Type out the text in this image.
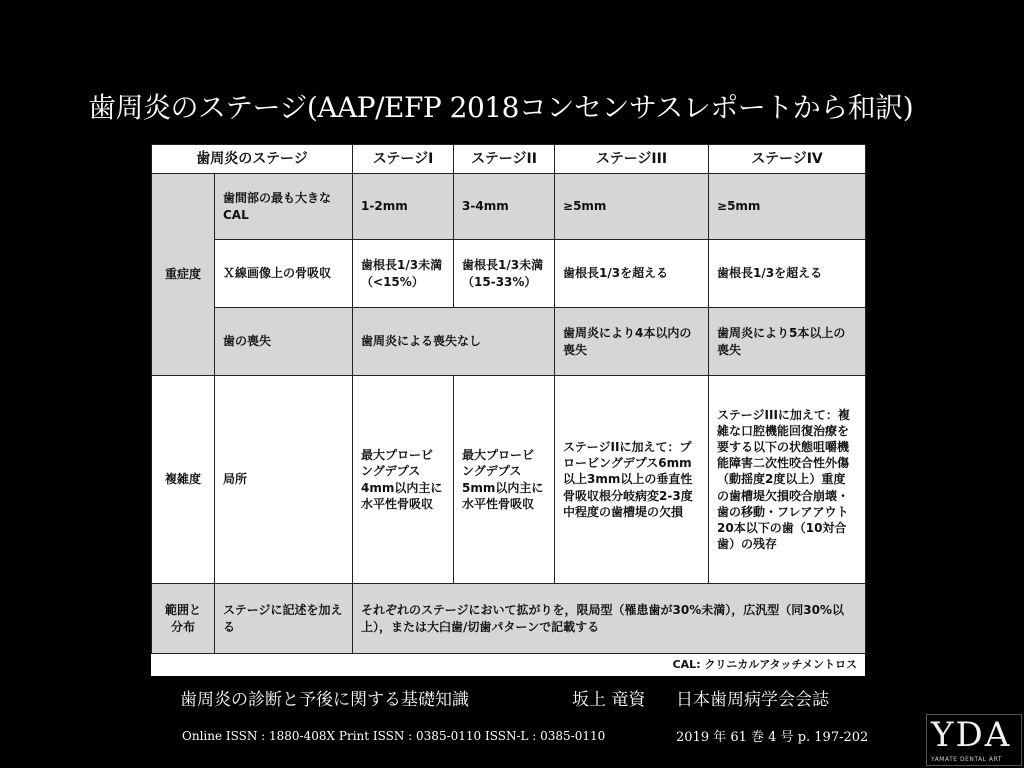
歯周炎のステージ(AAP/EFP 2018コンセンサスレポートから和訳)
歯周炎のステージ		ステージI	ステージII	ステージIII	ステージIV
重症度	歯間部の最も大きなCAL	1-2mm	3-4mm	≥5mm	≥5mm
	Ｘ線画像上の骨吸収	歯根長1/3未満（<15%）	歯根長1/3未満（15-33%）	歯根長1/3を超える	歯根長1/3を超える
	歯の喪失	歯周炎による喪失なし		歯周炎により4本以内の喪失	歯周炎により5本以上の喪失
複雑度	局所	最大プロービングデプス4mm以内主に水平性骨吸収	最大プロービングデプス5mm以内主に水平性骨吸収	ステージIIに加えて：プロービングデプス6mm以上3mm以上の垂直性骨吸収根分岐病変2-3度中程度の歯槽堤の欠損	ステージIIIに加えて：複雑な口腔機能回復治療を要する以下の状態咀嚼機能障害二次性咬合性外傷（動揺度2度以上）重度の歯槽堤欠損咬合崩壊・歯の移動・フレアアウト20本以下の歯（10対合歯）の残存
範囲と分布	ステージに記述を加える	それぞれのステージにおいて拡がりを，限局型（罹患歯が30%未満），広汎型（同30%以上），または大臼歯/切歯パターンで記載する			
CAL: クリニカルアタッチメントロス
歯周炎の診断と予後に関する基礎知識	坂上 竜資 日本歯周病学会会誌
Online ISSN : 1880-408X Print ISSN : 0385-0110 ISSN-L : 0385-0110	2019 年 61 巻 4 号 p. 197-202 YDA
YAMATE DENTAL ART
